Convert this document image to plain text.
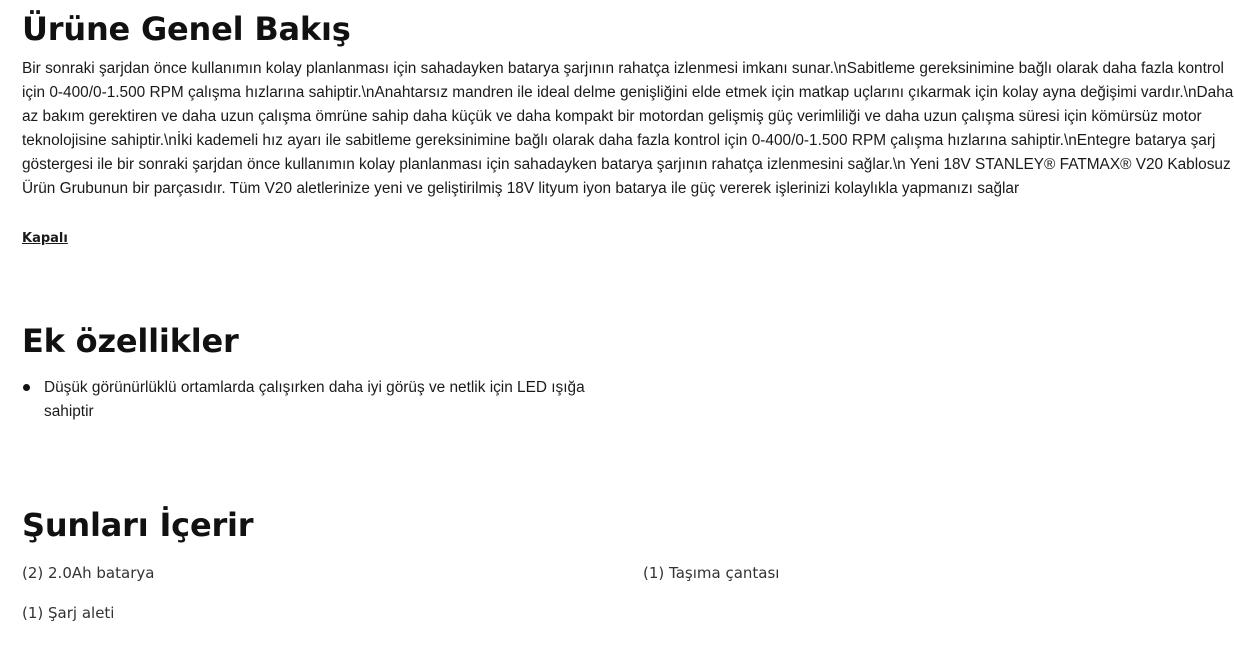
Ürüne Genel Bakış

Bir sonraki şarjdan önce kullanımın kolay planlanması için sahadayken batarya şarjının rahatça izlenmesi imkanı sunar.\nSabitleme gereksinimine bağlı olarak daha fazla kontrol için 0-400/0-1.500 RPM çalışma hızlarına sahiptir.\nAnahtarsız mandren ile ideal delme genişliğini elde etmek için matkap uçlarını çıkarmak için kolay ayna değişimi vardır.\nDaha az bakım gerektiren ve daha uzun çalışma ömrüne sahip daha küçük ve daha kompakt bir motordan gelişmiş güç verimliliği ve daha uzun çalışma süresi için kömürsüz motor teknolojisine sahiptir.\nİki kademeli hız ayarı ile sabitleme gereksinimine bağlı olarak daha fazla kontrol için 0-400/0-1.500 RPM çalışma hızlarına sahiptir.\nEntegre batarya şarj göstergesi ile bir sonraki şarjdan önce kullanımın kolay planlanması için sahadayken batarya şarjının rahatça izlenmesini sağlar.\n Yeni 18V STANLEY® FATMAX® V20 Kablosuz Ürün Grubunun bir parçasıdır. Tüm V20 aletlerinize yeni ve geliştirilmiş 18V lityum iyon batarya ile güç vererek işlerinizi kolaylıkla yapmanızı sağlar

Kapalı
Ek özellikler
Düşük görünürlüklü ortamlarda çalışırken daha iyi görüş ve netlik için LED ışığa sahiptir
Şunları İçerir
(2) 2.0Ah batarya	(1) Taşıma çantası
(1) Şarj aleti
